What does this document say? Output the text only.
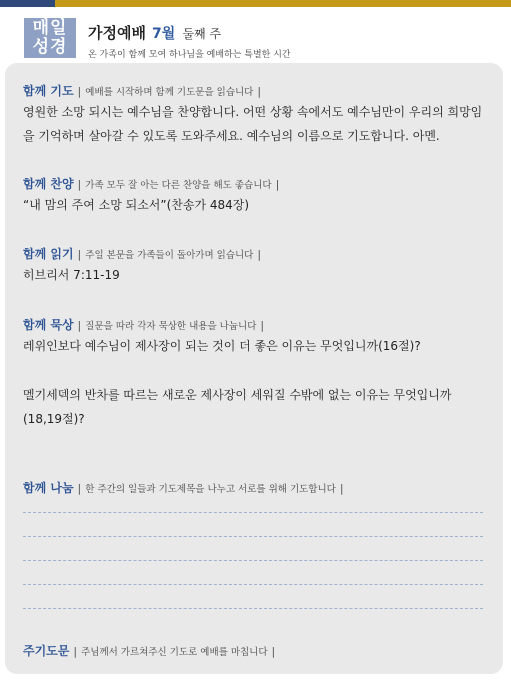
매일
성경
가정예배 7월 둘째 주
온 가족이 함께 모여 하나님을 예배하는 특별한 시간
함께 기도 | 예배를 시작하며 함께 기도문을 읽습니다 |
영원한 소망 되시는 예수님을 찬양합니다. 어떤 상황 속에서도 예수님만이 우리의 희망임을 기억하며 살아갈 수 있도록 도와주세요. 예수님의 이름으로 기도합니다. 아멘.
함께 찬양 | 가족 모두 잘 아는 다른 찬양을 해도 좋습니다 |
“내 맘의 주여 소망 되소서”(찬송가 484장)
함께 읽기 | 주일 본문을 가족들이 돌아가며 읽습니다 |
히브리서 7:11-19
함께 묵상 | 질문을 따라 각자 묵상한 내용을 나눕니다 |
레위인보다 예수님이 제사장이 되는 것이 더 좋은 이유는 무엇입니까(16절)?
멜기세덱의 반차를 따르는 새로운 제사장이 세워질 수밖에 없는 이유는 무엇입니까(18,19절)?
함께 나눔 | 한 주간의 일들과 기도제목을 나누고 서로를 위해 기도합니다 |
주기도문 | 주님께서 가르쳐주신 기도로 예배를 마칩니다 |
